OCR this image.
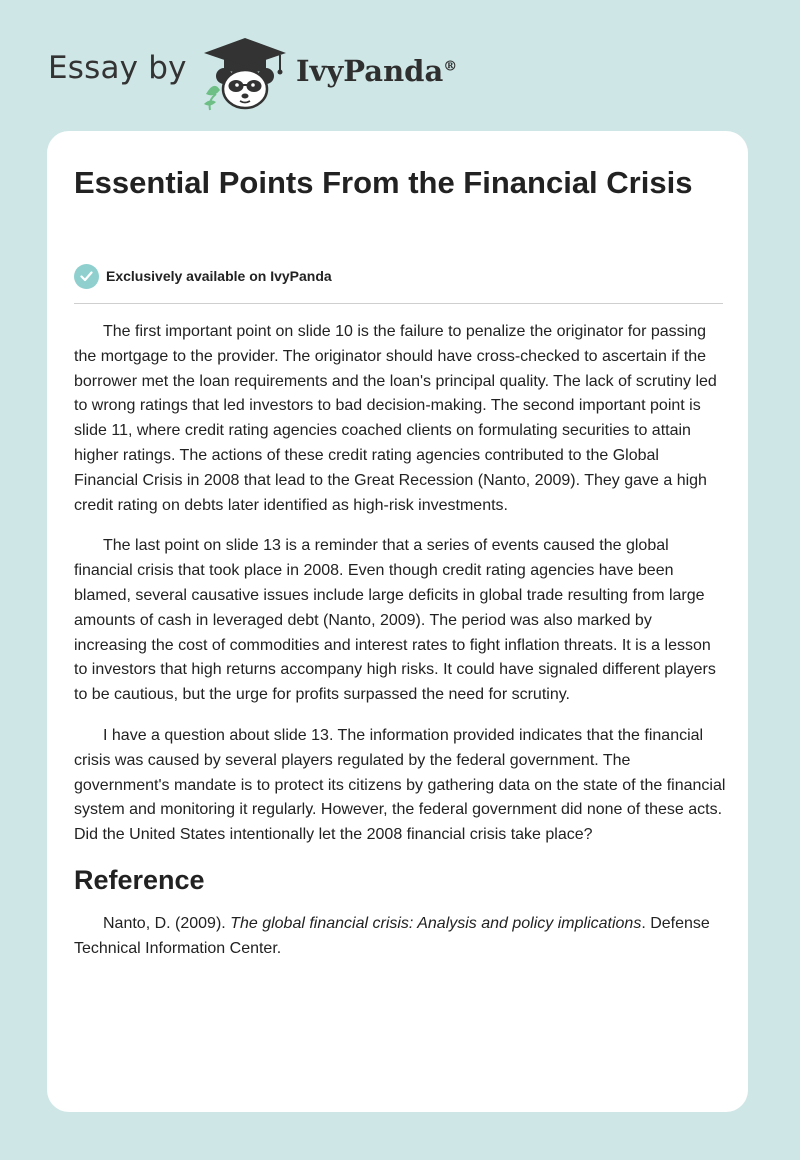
Essay by	IvyPanda®
Essential Points From the Financial Crisis
Exclusively available on IvyPanda

The first important point on slide 10 is the failure to penalize the originator for passing the mortgage to the provider. The originator should have cross-checked to ascertain if the borrower met the loan requirements and the loan's principal quality. The lack of scrutiny led to wrong ratings that led investors to bad decision-making. The second important point is slide 11, where credit rating agencies coached clients on formulating securities to attain higher ratings. The actions of these credit rating agencies contributed to the Global Financial Crisis in 2008 that lead to the Great Recession (Nanto, 2009). They gave a high credit rating on debts later identified as high-risk investments.

The last point on slide 13 is a reminder that a series of events caused the global financial crisis that took place in 2008. Even though credit rating agencies have been blamed, several causative issues include large deficits in global trade resulting from large amounts of cash in leveraged debt (Nanto, 2009). The period was also marked by increasing the cost of commodities and interest rates to fight inflation threats. It is a lesson to investors that high returns accompany high risks. It could have signaled different players to be cautious, but the urge for profits surpassed the need for scrutiny.

I have a question about slide 13. The information provided indicates that the financial crisis was caused by several players regulated by the federal government. The government's mandate is to protect its citizens by gathering data on the state of the financial system and monitoring it regularly. However, the federal government did none of these acts. Did the United States intentionally let the 2008 financial crisis take place?

Reference

Nanto, D. (2009). The global financial crisis: Analysis and policy implications. Defense Technical Information Center.
